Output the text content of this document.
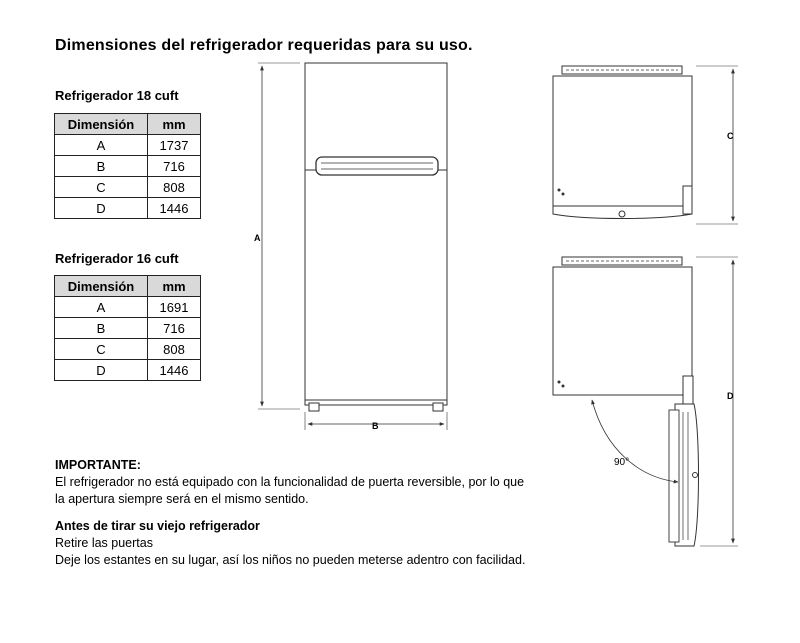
Dimensiones del refrigerador requeridas para su uso.
Refrigerador 18 cuft
Dimensión	mm
A	1737
B	716
C	808
D	1446
Refrigerador 16 cuft
Dimensión	mm
A	1691
B	716
C	808
D	1446
IMPORTANTE:
El refrigerador no está equipado con la funcionalidad de puerta reversible, por lo que
la apertura siempre será en el mismo sentido.
Antes de tirar su viejo refrigerador
Retire las puertas
Deje los estantes en su lugar, así los niños no pueden meterse adentro con facilidad.
A
B
C
90°
D
